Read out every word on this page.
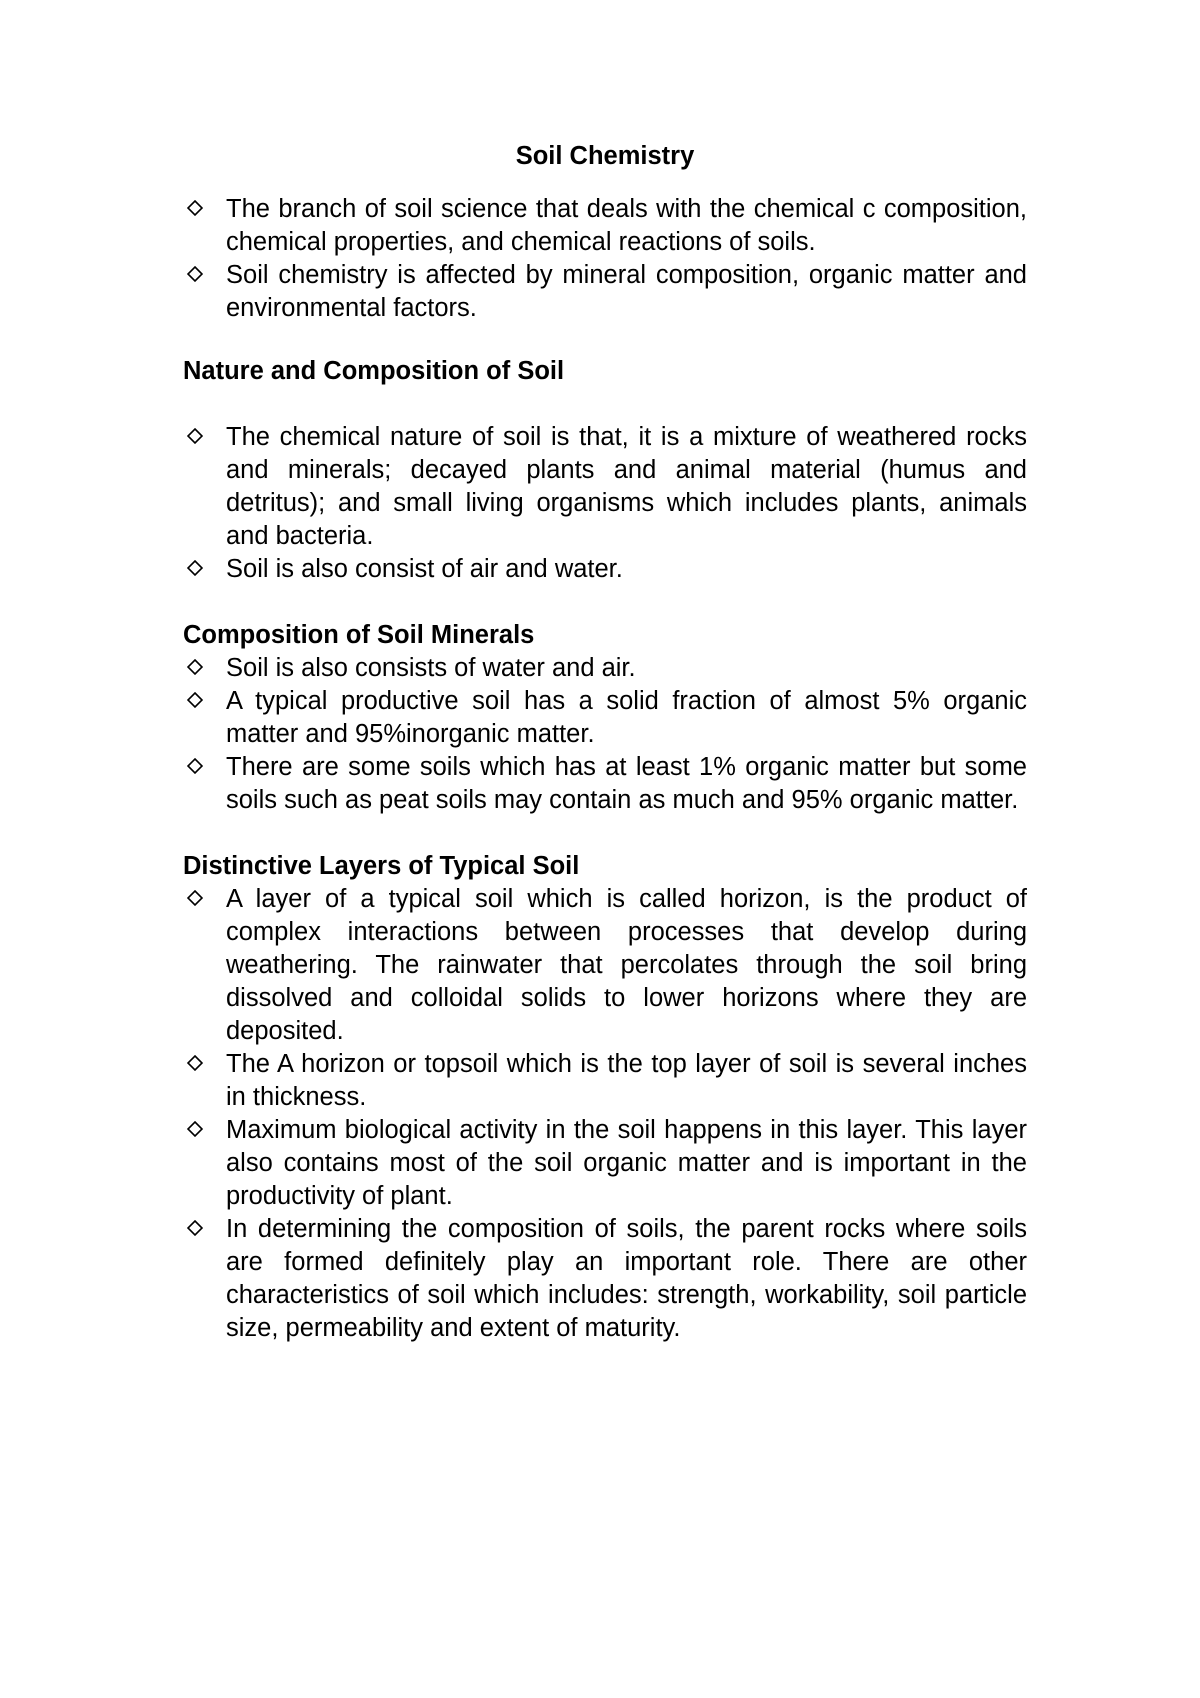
Soil Chemistry
The branch of soil science that deals with the chemical c composition, chemical properties, and chemical reactions of soils.
Soil chemistry is affected by mineral composition, organic matter and environmental factors.
Nature and Composition of Soil
The chemical nature of soil is that, it is a mixture of weathered rocks and minerals; decayed plants and animal material (humus and detritus); and small living organisms which includes plants, animals and bacteria.
Soil is also consist of air and water.
Composition of Soil Minerals
Soil is also consists of water and air.
A typical productive soil has a solid fraction of almost 5% organic matter and 95%inorganic matter.
There are some soils which has at least 1% organic matter but some soils such as peat soils may contain as much and 95% organic matter.
Distinctive Layers of Typical Soil
A layer of a typical soil which is called horizon, is the product of complex interactions between processes that develop during weathering. The rainwater that percolates through the soil bring dissolved and colloidal solids to lower horizons where they are deposited.
The A horizon or topsoil which is the top layer of soil is several inches in thickness.
Maximum biological activity in the soil happens in this layer. This layer also contains most of the soil organic matter and is important in the productivity of plant.
In determining the composition of soils, the parent rocks where soils are formed definitely play an important role. There are other characteristics of soil which includes: strength, workability, soil particle size, permeability and extent of maturity.
